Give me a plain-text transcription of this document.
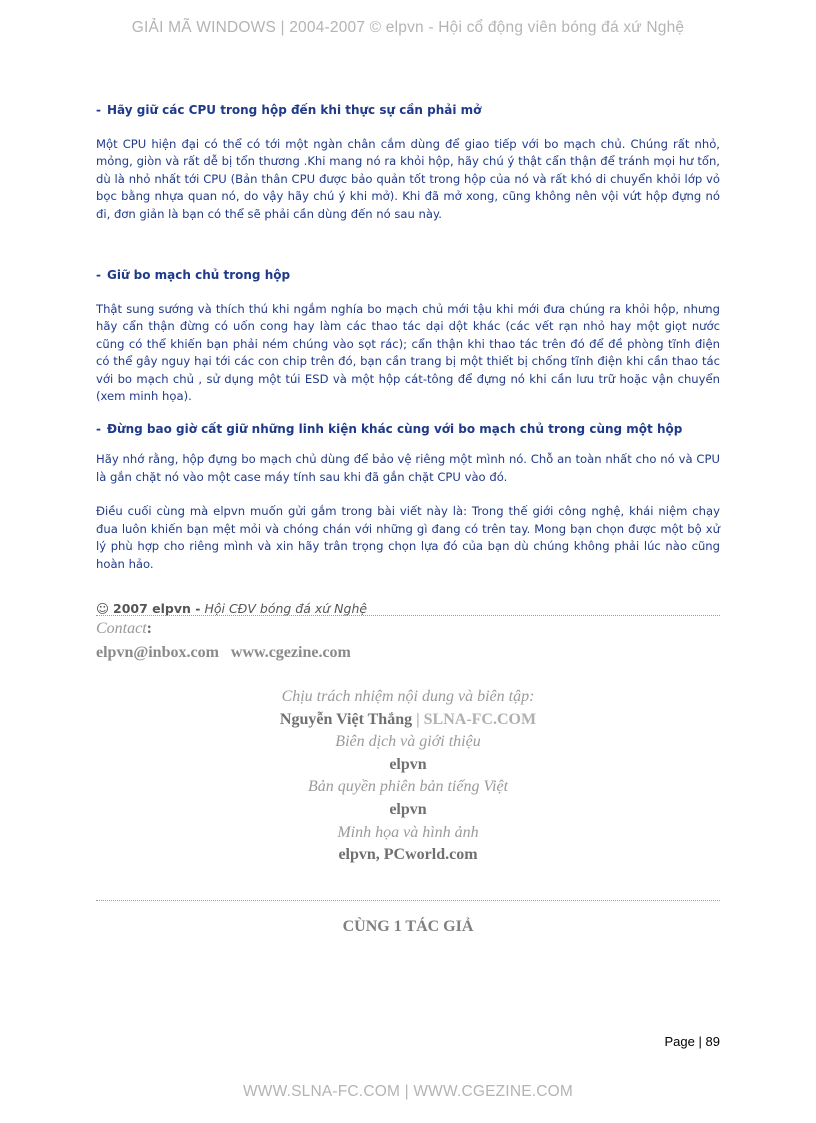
GIẢI MÃ WINDOWS | 2004-2007 © elpvn - Hội cổ động viên bóng đá xứ Nghệ

- Hãy giữ các CPU trong hộp đến khi thực sự cần phải mở

Một CPU hiện đại có thể có tới một ngàn chân cắm dùng để giao tiếp với bo mạch chủ. Chúng rất nhỏ, mỏng, giòn và rất dễ bị tổn thương .Khi mang nó ra khỏi hộp, hãy chú ý thật cẩn thận để tránh mọi hư tổn, dù là nhỏ nhất tới CPU (Bản thân CPU được bảo quản tốt trong hộp của nó và rất khó di chuyển khỏi lớp vỏ bọc bằng nhựa quan nó, do vậy hãy chú ý khi mở). Khi đã mở xong, cũng không nên vội vứt hộp đựng nó đi, đơn giản là bạn có thể sẽ phải cần dùng đến nó sau này.

- Giữ bo mạch chủ trong hộp

Thật sung sướng và thích thú khi ngắm nghía bo mạch chủ mới tậu khi mới đưa chúng ra khỏi hộp, nhưng hãy cẩn thận đừng có uốn cong hay làm các thao tác dại dột khác (các vết rạn nhỏ hay một giọt nước cũng có thể khiến bạn phải ném chúng vào sọt rác); cẩn thận khi thao tác trên đó để đề phòng tĩnh điện có thể gây nguy hại tới các con chip trên đó, bạn cần trang bị một thiết bị chống tĩnh điện khi cần thao tác với bo mạch chủ , sử dụng một túi ESD và một hộp cát-tông để đựng nó khi cần lưu trữ hoặc vận chuyển (xem minh họa).

- Đừng bao giờ cất giữ những linh kiện khác cùng với bo mạch chủ trong cùng một hộp

Hãy nhớ rằng, hộp đựng bo mạch chủ dùng để bảo vệ riêng một mình nó. Chỗ an toàn nhất cho nó và CPU là gắn chặt nó vào một case máy tính sau khi đã gắn chặt CPU vào đó.

Điều cuối cùng mà elpvn muốn gửi gắm trong bài viết này là: Trong thế giới công nghệ, khái niệm chạy đua luôn khiến bạn mệt mỏi và chóng chán với những gì đang có trên tay. Mong bạn chọn được một bộ xử lý phù hợp cho riêng mình và xin hãy trân trọng chọn lựa đó của bạn dù chúng không phải lúc nào cũng hoàn hảo.

☺ 2007 elpvn - Hội CĐV bóng đá xứ Nghệ

Contact:
elpvn@inbox.com www.cgezine.com
Chịu trách nhiệm nội dung và biên tập:
Nguyễn Việt Thắng | SLNA-FC.COM
Biên dịch và giới thiệu
elpvn
Bản quyền phiên bản tiếng Việt
elpvn
Minh họa và hình ảnh
elpvn, PCworld.com
CÙNG 1 TÁC GIẢ
Page | 89
WWW.SLNA-FC.COM | WWW.CGEZINE.COM
